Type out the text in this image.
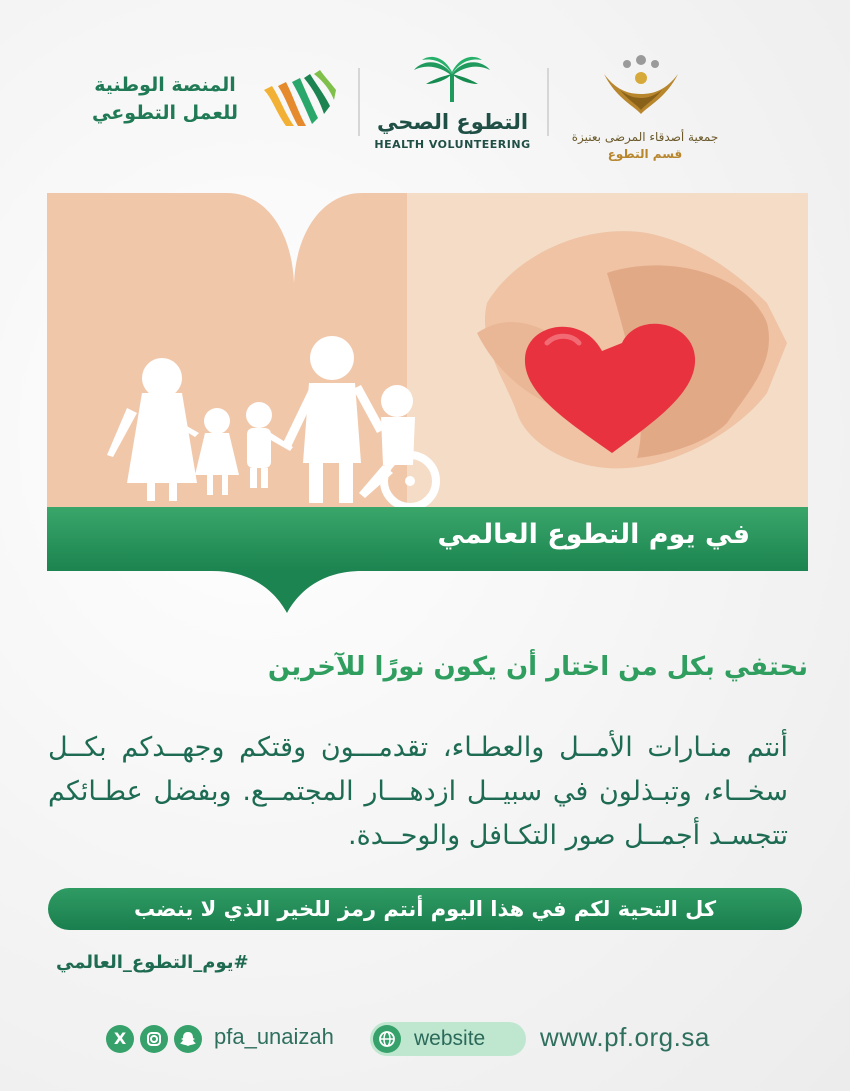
جمعية أصدقاء المرضى بعنيزة
قسم التطوع
التطوع الصحي
HEALTH VOLUNTEERING
المنصة الوطنية
للعمل التطوعي
في يوم التطوع العالمي
نحتفي بكل من اختار أن يكون نورًا للآخرين
أنتم منـارات الأمــل والعطـاء، تقدمـــون وقتكم وجهــدكم بكــل سخــاء، وتبـذلون في سبيــل ازدهـــار المجتمــع. وبفضل عطـائكم تتجسـد أجمــل صور التكـافل والوحــدة.
كل التحية لكم في هذا اليوم أنتم رمز للخير الذي لا ينضب
#يوم_التطوع_العالمي
X	pfa_unaizah	website www.pf.org.sa
